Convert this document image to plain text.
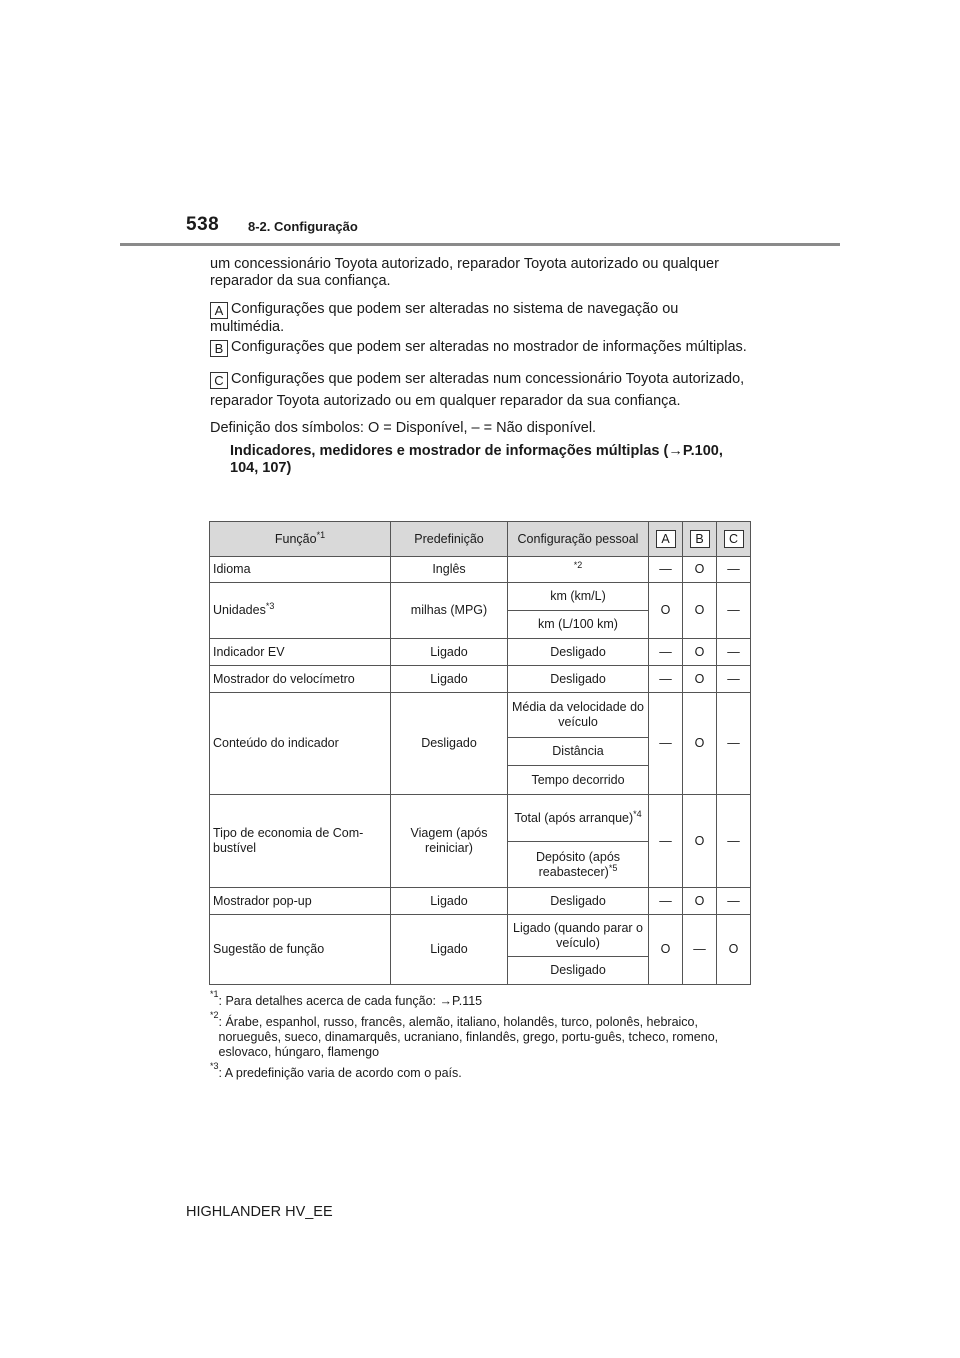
538 8-2. Configuração

um concessionário Toyota autorizado, reparador Toyota autorizado ou qualquer reparador da sua confiança.

A Configurações que podem ser alteradas no sistema de navegação ou multimédia.

B Configurações que podem ser alteradas no mostrador de informações múltiplas.

C Configurações que podem ser alteradas num concessionário Toyota autorizado, reparador Toyota autorizado ou em qualquer reparador da sua confiança.

Definição dos símbolos: O = Disponível, – = Não disponível.

Indicadores, medidores e mostrador de informações múltiplas (→P.100, 104, 107)

Função$^{*1}$	Predefinição	Configuração pessoal	A	B	C
Idioma	Inglês	$^{*2}$	—	O	—
Unidades$^{*3}$	milhas (MPG)	km (km/L)	O	O	—
		km (L/100 km)			
Indicador EV	Ligado	Desligado	—	O	—
Mostrador do velocímetro	Ligado	Desligado	—	O	—
Conteúdo do indicador	Desligado	Média da velocidade do veículo	—	O	—
		Distância			
		Tempo decorrido			
Tipo de economia de Com-bustível	Viagem (após reiniciar)	Total (após arranque)$^{*4}$	—	O	—
		Depósito (após reabastecer)$^{*5}$
Mostrador pop-up	Ligado	Desligado	—	O	—
Sugestão de função	Ligado	Ligado (quando parar o veículo)	O	—	O
		Desligado			
*1 : Para detalhes acerca de cada função: →P.115
*2 : Árabe, espanhol, russo, francês, alemão, italiano, holandês, turco, polonês, hebraico, norueguês, sueco, dinamarquês, ucraniano, finlandês, grego, portu-guês, tcheco, romeno, eslovaco, húngaro, flamengo
*3 : A predefinição varia de acordo com o país.
HIGHLANDER HV_EE
